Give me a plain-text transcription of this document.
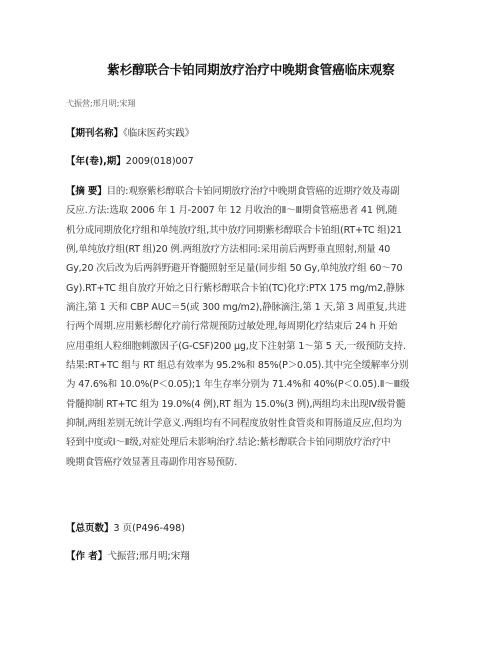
紫杉醇联合卡铂同期放疗治疗中晚期食管癌临床观察
弋振营;邢月明;宋翔
【期刊名称】《临床医药实践》
【年(卷),期】2009(018)007
【摘 要】目的:观察紫杉醇联合卡铂同期放疗治疗中晚期食管癌的近期疗效及毒副
反应.方法:选取 2006 年 1 月-2007 年 12 月收治的Ⅱ～Ⅲ期食管癌患者 41 例,随
机分成同期放化疗组和单纯放疗组,其中放疗同期紫杉醇联合卡铂组(RT+TC 组)21
例,单纯放疗组(RT 组)20 例.两组放疗方法相同:采用前后两野垂直照射,剂量 40
Gy,20 次后改为后两斜野避开脊髓照射至足量(同步组 50 Gy,单纯放疗组 60～70
Gy).RT+TC 组自放疗开始之日行紫杉醇联合卡铂(TC)化疗:PTX 175 mg/m2,静脉
滴注,第 1 天和 CBP AUC＝5(或 300 mg/m2),静脉滴注,第 1 天,第 3 周重复,共进
行两个周期.应用紫杉醇化疗前行常规预防过敏处理,每周期化疗结束后 24 h 开始
应用重组人粒细胞刺激因子(G-CSF)200 μg,皮下注射第 1～第 5 天,一级预防支持.
结果:RT+TC 组与 RT 组总有效率为 95.2%和 85%(P＞0.05).其中完全缓解率分别
为 47.6%和 10.0%(P＜0.05);1 年生存率分别为 71.4%和 40%(P＜0.05).Ⅱ～Ⅲ级
骨髓抑制 RT+TC 组为 19.0%(4 例),RT 组为 15.0%(3 例),两组均未出现Ⅳ级骨髓
抑制,两组差别无统计学意义.两组均有不同程度放射性食管炎和胃肠道反应,但均为
轻到中度或Ⅰ～Ⅱ级,对症处理后未影响治疗.结论:紫杉醇联合卡铂同期放疗治疗中
晚期食管癌疗效显著且毒副作用容易预防.
【总页数】3 页(P496-498)
【作 者】弋振营;邢月明;宋翔
